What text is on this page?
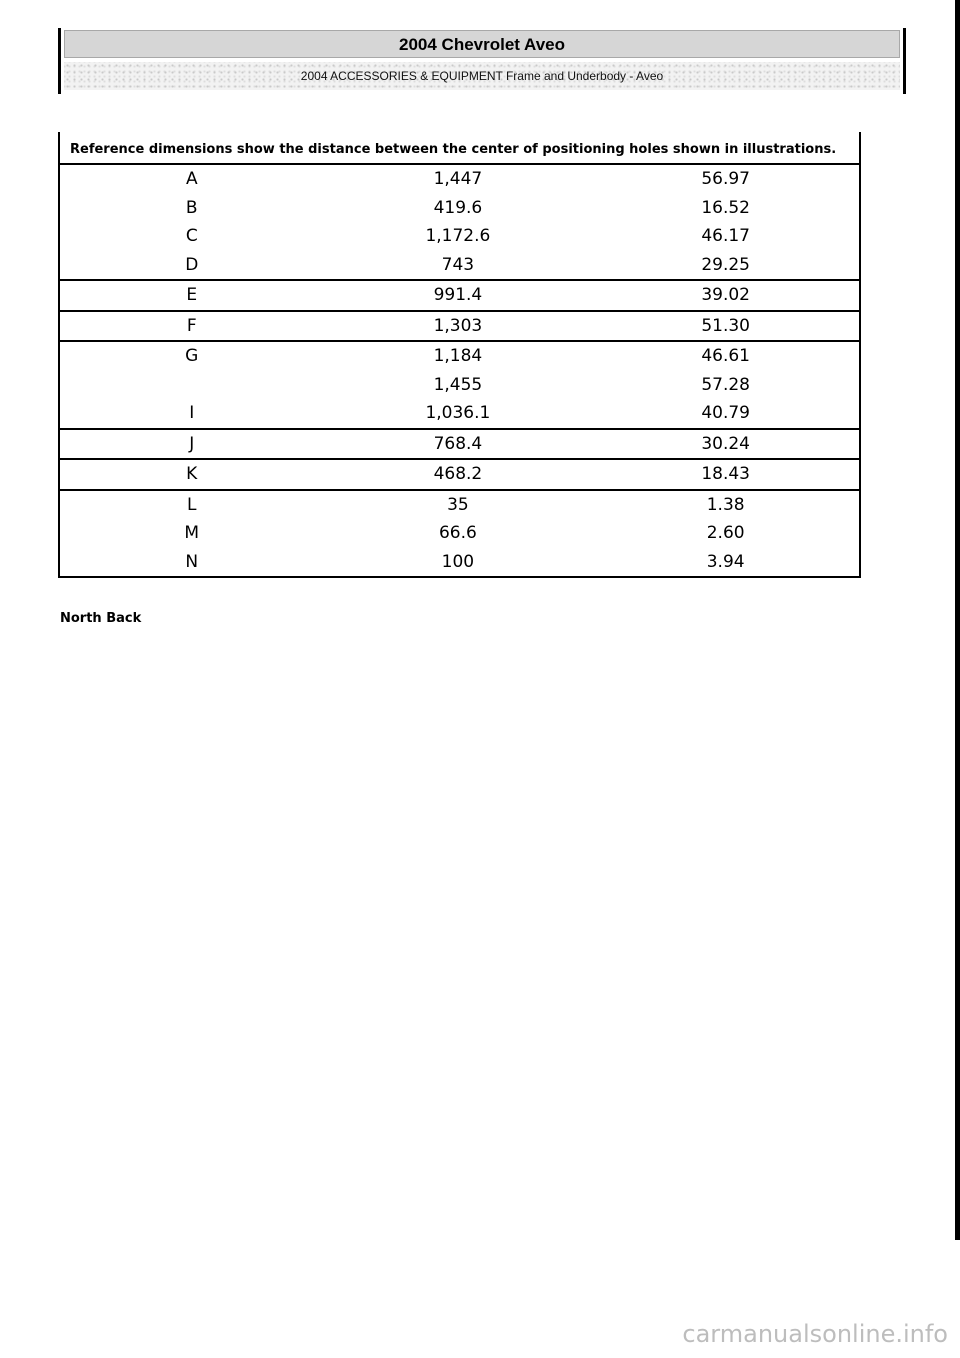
2004 Chevrolet Aveo
2004 ACCESSORIES & EQUIPMENT Frame and Underbody - Aveo
Reference dimensions show the distance between the center of positioning holes shown in illustrations.		
A	1,447	56.97
B	419.6	16.52
C	1,172.6	46.17
D	743	29.25
E	991.4	39.02
F	1,303	51.30
G	1,184	46.61
	1,455	57.28
I	1,036.1	40.79
J	768.4	30.24
K	468.2	18.43
L	35	1.38
M	66.6	2.60
N	100	3.94
North Back
carmanualsonline.info
